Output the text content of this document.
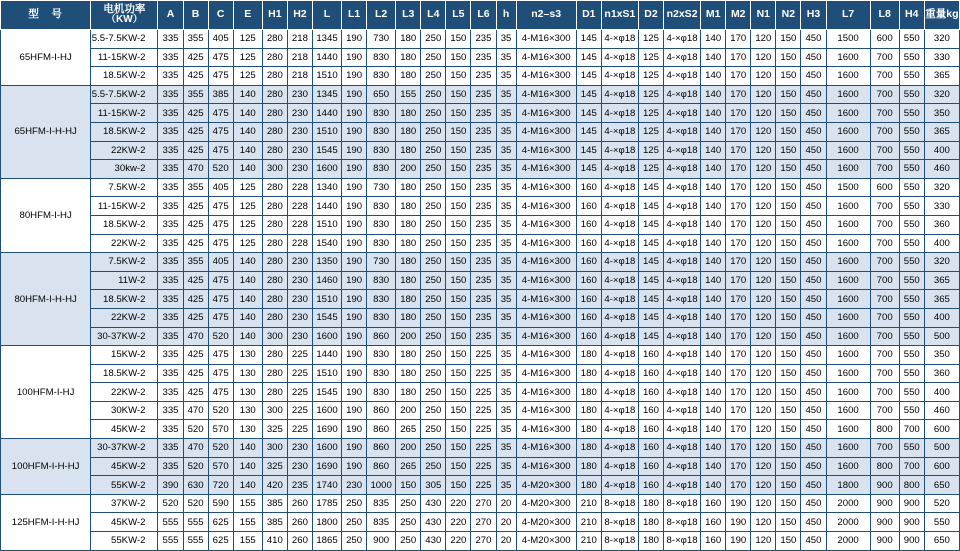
型　号	电机功率
（KW）	A	B	C	E	H1	H2	L	L1	L2	L3	L4	L5	L6	h	n2–s3	D1	n1xS1	D2	n2xS2	M1	M2	N1	N2	H3	L7	L8	H4	重量kg
65HFM-I-HJ	5.5-7.5KW-2	335	355	405	125	280	218	1345	190	730	180	250	150	235	35	4-M16×300	145	4-×φ18	125	4-×φ18	140	170	120	150	450	1500	600	550	320
	11-15KW-2	335	425	475	125	280	218	1440	190	830	180	250	150	235	35	4-M16×300	145	4-×φ18	125	4-×φ18	140	170	120	150	450	1600	700	550	330
	18.5KW-2	335	425	475	125	280	218	1510	190	830	180	250	150	235	35	4-M16×300	145	4-×φ18	125	4-×φ18	140	170	120	150	450	1600	700	550	365
65HFM-I-H-HJ	5.5-7.5KW-2	335	355	385	140	280	230	1345	190	650	155	250	150	235	35	4-M16×300	145	4-×φ18	125	4-×φ18	140	170	120	150	450	1600	700	550	320
	11-15KW-2	335	425	475	140	280	230	1440	190	830	180	250	150	235	35	4-M16×300	145	4-×φ18	125	4-×φ18	140	170	120	150	450	1600	700	550	350
	18.5KW-2	335	425	475	140	280	230	1510	190	830	180	250	150	235	35	4-M16×300	145	4-×φ18	125	4-×φ18	140	170	120	150	450	1600	700	550	365
	22KW-2	335	425	475	140	280	230	1545	190	830	180	250	150	235	35	4-M16×300	145	4-×φ18	125	4-×φ18	140	170	120	150	450	1600	700	550	400
	30kw-2	335	470	520	140	300	230	1600	190	830	200	250	150	235	35	4-M16×300	145	4-×φ18	125	4-×φ18	140	170	120	150	450	1600	700	550	460
80HFM-I-HJ	7.5KW-2	335	355	405	125	280	228	1340	190	730	180	250	150	235	35	4-M16×300	160	4-×φ18	145	4-×φ18	140	170	120	150	450	1500	600	550	320
	11-15KW-2	335	425	475	125	280	228	1440	190	830	180	250	150	235	35	4-M16×300	160	4-×φ18	145	4-×φ18	140	170	120	150	450	1600	700	550	330
	18.5KW-2	335	425	475	125	280	228	1510	190	830	180	250	150	235	35	4-M16×300	160	4-×φ18	145	4-×φ18	140	170	120	150	450	1600	700	550	360
	22KW-2	335	425	475	125	280	228	1540	190	830	180	250	150	235	35	4-M16×300	160	4-×φ18	145	4-×φ18	140	170	120	150	450	1600	700	550	400
80HFM-I-H-HJ	7.5KW-2	335	355	405	140	280	230	1350	190	730	180	250	150	235	35	4-M16×300	160	4-×φ18	145	4-×φ18	140	170	120	150	450	1600	700	550	320
	11W-2	335	425	475	140	280	230	1460	190	830	180	250	150	235	35	4-M16×300	160	4-×φ18	145	4-×φ18	140	170	120	150	450	1600	700	550	365
	18.5KW-2	335	425	475	140	280	230	1510	190	830	180	250	150	235	35	4-M16×300	160	4-×φ18	145	4-×φ18	140	170	120	150	450	1600	700	550	365
	22KW-2	335	425	475	140	280	230	1545	190	830	180	250	150	235	35	4-M16×300	160	4-×φ18	145	4-×φ18	140	170	120	150	450	1600	700	550	400
	30-37KW-2	335	470	520	140	300	230	1600	190	860	200	250	150	235	35	4-M16×300	160	4-×φ18	145	4-×φ18	140	170	120	150	450	1600	700	550	500
100HFM-I-HJ	15KW-2	335	425	475	130	280	225	1440	190	830	180	250	150	225	35	4-M16×300	180	4-×φ18	160	4-×φ18	140	170	120	150	450	1600	700	550	350
	18.5KW-2	335	425	475	130	280	225	1510	190	830	180	250	150	225	35	4-M16×300	180	4-×φ18	160	4-×φ18	140	170	120	150	450	1600	700	550	360
	22KW-2	335	425	475	130	280	225	1545	190	830	180	250	150	225	35	4-M16×300	180	4-×φ18	160	4-×φ18	140	170	120	150	450	1600	700	550	400
	30KW-2	335	470	520	130	300	225	1600	190	860	200	250	150	225	35	4-M16×300	180	4-×φ18	160	4-×φ18	140	170	120	150	450	1600	700	550	460
	45KW-2	335	520	570	130	325	225	1690	190	860	265	250	150	225	35	4-M16×300	180	4-×φ18	160	4-×φ18	140	170	120	150	450	1600	800	700	600
100HFM-I-H-HJ	30-37KW-2	335	470	520	140	300	230	1600	190	860	200	250	150	225	35	4-M16×300	180	4-×φ18	160	4-×φ18	140	170	120	150	450	1600	700	550	500
	45KW-2	335	520	570	140	325	230	1690	190	860	265	250	150	225	35	4-M16×300	180	4-×φ18	160	4-×φ18	140	170	120	150	450	1600	800	700	600
	55KW-2	390	630	720	140	420	235	1740	230	1000	150	305	150	225	35	4-M20×300	180	4-×φ18	160	4-×φ18	140	170	120	150	450	1800	900	800	650
125HFM-I-H-HJ	37KW-2	520	520	590	155	385	260	1785	250	835	250	430	220	270	20	4-M20×300	210	8-×φ18	180	8-×φ18	160	190	120	150	450	2000	900	900	520
	45KW-2	555	555	625	155	385	260	1800	250	835	250	430	220	270	20	4-M20×300	210	8-×φ18	180	8-×φ18	160	190	120	150	450	2000	900	900	550
	55KW-2	555	555	625	155	410	260	1865	250	900	250	430	220	270	20	4-M20×300	210	8-×φ18	180	8-×φ18	160	190	120	150	450	2000	900	900	650
